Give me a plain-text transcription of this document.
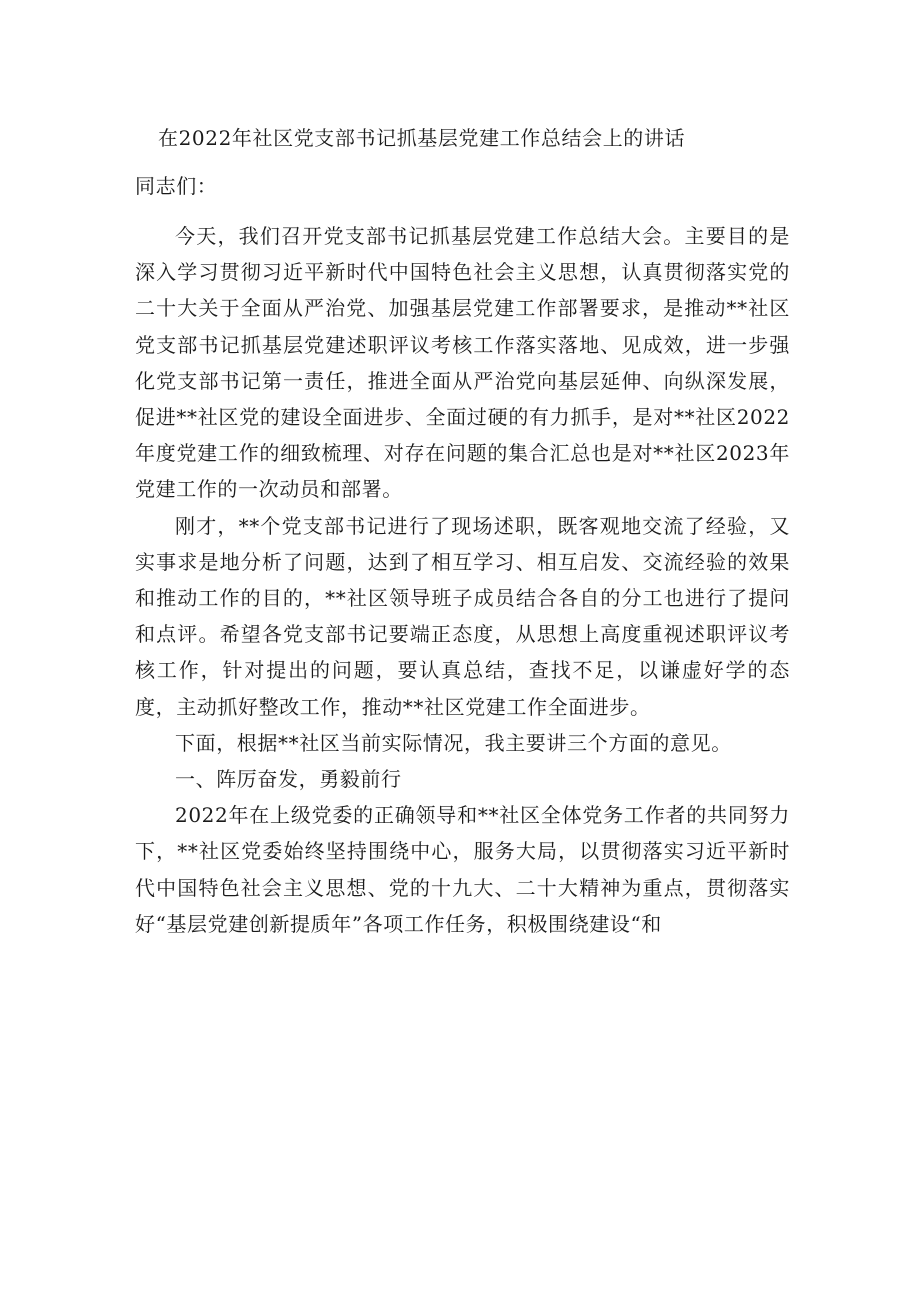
在2022年社区党支部书记抓基层党建工作总结会上的讲话
同志们：

今天，我们召开党支部书记抓基层党建工作总结大会。主要目的是深入学习贯彻习近平新时代中国特色社会主义思想，认真贯彻落实党的二十大关于全面从严治党、加强基层党建工作部署要求，是推动**社区党支部书记抓基层党建述职评议考核工作落实落地、见成效，进一步强化党支部书记第一责任，推进全面从严治党向基层延伸、向纵深发展，促进**社区党的建设全面进步、全面过硬的有力抓手，是对**社区2022年度党建工作的细致梳理、对存在问题的集合汇总也是对**社区2023年党建工作的一次动员和部署。

刚才，**个党支部书记进行了现场述职，既客观地交流了经验，又实事求是地分析了问题，达到了相互学习、相互启发、交流经验的效果和推动工作的目的，**社区领导班子成员结合各自的分工也进行了提问和点评。希望各党支部书记要端正态度，从思想上高度重视述职评议考核工作，针对提出的问题，要认真总结，查找不足，以谦虚好学的态度，主动抓好整改工作，推动**社区党建工作全面进步。

下面，根据**社区当前实际情况，我主要讲三个方面的意见。

一、阵厉奋发，勇毅前行

2022年在上级党委的正确领导和**社区全体党务工作者的共同努力下，**社区党委始终坚持围绕中心，服务大局，以贯彻落实习近平新时代中国特色社会主义思想、党的十九大、二十大精神为重点，贯彻落实好“基层党建创新提质年”各项工作任务，积极围绕建设“和
